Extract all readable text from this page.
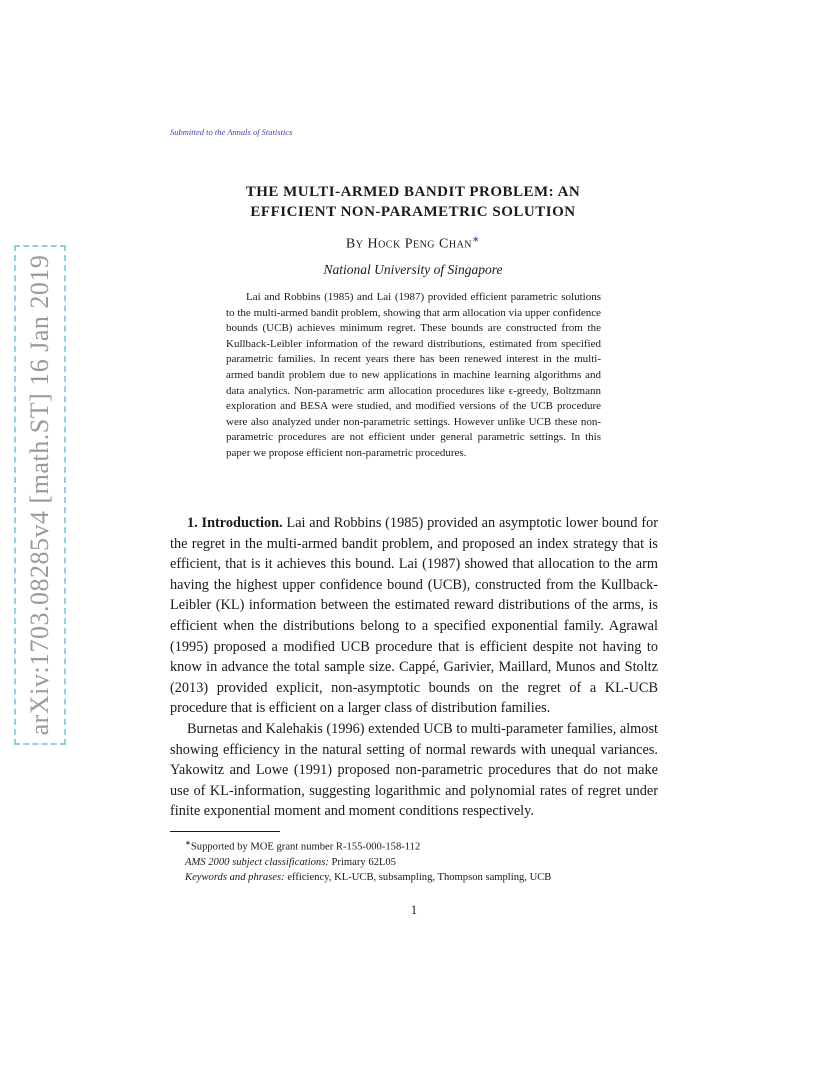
arXiv:1703.08285v4 [math.ST] 16 Jan 2019
Submitted to the Annals of Statistics
THE MULTI-ARMED BANDIT PROBLEM: AN
EFFICIENT NON-PARAMETRIC SOLUTION
By Hock Peng Chan∗
National University of Singapore
Lai and Robbins (1985) and Lai (1987) provided efficient parametric solutions to the multi-armed bandit problem, showing that arm allocation via upper confidence bounds (UCB) achieves minimum regret. These bounds are constructed from the Kullback-Leibler information of the reward distributions, estimated from specified parametric families. In recent years there has been renewed interest in the multi-armed bandit problem due to new applications in machine learning algorithms and data analytics. Non-parametric arm allocation procedures like ϵ-greedy, Boltzmann exploration and BESA were studied, and modified versions of the UCB procedure were also analyzed under non-parametric settings. However unlike UCB these non-parametric procedures are not efficient under general parametric settings. In this paper we propose efficient non-parametric procedures.
1. Introduction. Lai and Robbins (1985) provided an asymptotic lower bound for the regret in the multi-armed bandit problem, and proposed an index strategy that is efficient, that is it achieves this bound. Lai (1987) showed that allocation to the arm having the highest upper confidence bound (UCB), constructed from the Kullback-Leibler (KL) information between the estimated reward distributions of the arms, is efficient when the distributions belong to a specified exponential family. Agrawal (1995) proposed a modified UCB procedure that is efficient despite not having to know in advance the total sample size. Cappé, Garivier, Maillard, Munos and Stoltz (2013) provided explicit, non-asymptotic bounds on the regret of a KL-UCB procedure that is efficient on a larger class of distribution families.
Burnetas and Kalehakis (1996) extended UCB to multi-parameter families, almost showing efficiency in the natural setting of normal rewards with unequal variances. Yakowitz and Lowe (1991) proposed non-parametric procedures that do not make use of KL-information, suggesting logarithmic and polynomial rates of regret under finite exponential moment and moment conditions respectively.
∗Supported by MOE grant number R-155-000-158-112
AMS 2000 subject classifications: Primary 62L05
Keywords and phrases: efficiency, KL-UCB, subsampling, Thompson sampling, UCB
1
